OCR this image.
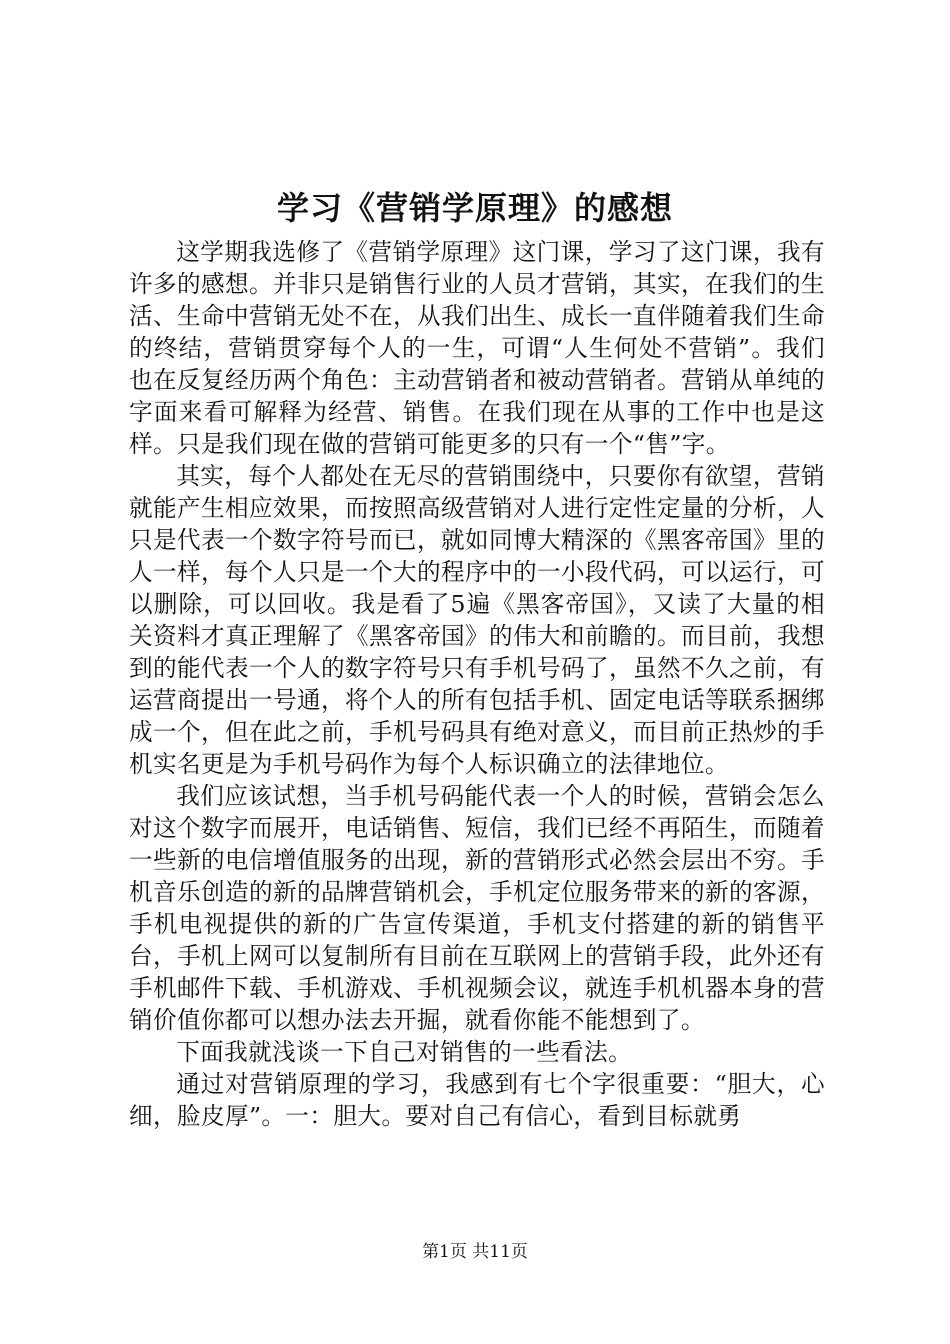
学习《营销学原理》的感想

这学期我选修了《营销学原理》这门课，学习了这门课，我有许多的感想。并非只是销售行业的人员才营销，其实，在我们的生活、生命中营销无处不在，从我们出生、成长一直伴随着我们生命的终结，营销贯穿每个人的一生，可谓“人生何处不营销”。我们也在反复经历两个角色：主动营销者和被动营销者。营销从单纯的字面来看可解释为经营、销售。在我们现在从事的工作中也是这样。只是我们现在做的营销可能更多的只有一个“售”字。

其实，每个人都处在无尽的营销围绕中，只要你有欲望，营销就能产生相应效果，而按照高级营销对人进行定性定量的分析，人只是代表一个数字符号而已，就如同博大精深的《黑客帝国》里的人一样，每个人只是一个大的程序中的一小段代码，可以运行，可以删除，可以回收。我是看了5遍《黑客帝国》，又读了大量的相关资料才真正理解了《黑客帝国》的伟大和前瞻的。而目前，我想到的能代表一个人的数字符号只有手机号码了，虽然不久之前，有运营商提出一号通，将个人的所有包括手机、固定电话等联系捆绑成一个，但在此之前，手机号码具有绝对意义，而目前正热炒的手机实名更是为手机号码作为每个人标识确立的法律地位。

我们应该试想，当手机号码能代表一个人的时候，营销会怎么对这个数字而展开，电话销售、短信，我们已经不再陌生，而随着一些新的电信增值服务的出现，新的营销形式必然会层出不穷。手机音乐创造的新的品牌营销机会，手机定位服务带来的新的客源，手机电视提供的新的广告宣传渠道，手机支付搭建的新的销售平台，手机上网可以复制所有目前在互联网上的营销手段，此外还有手机邮件下载、手机游戏、手机视频会议，就连手机机器本身的营销价值你都可以想办法去开掘，就看你能不能想到了。

下面我就浅谈一下自己对销售的一些看法。

通过对营销原理的学习，我感到有七个字很重要：“胆大，心细，脸皮厚”。一：胆大。要对自己有信心，看到目标就勇

第1页 共11页
